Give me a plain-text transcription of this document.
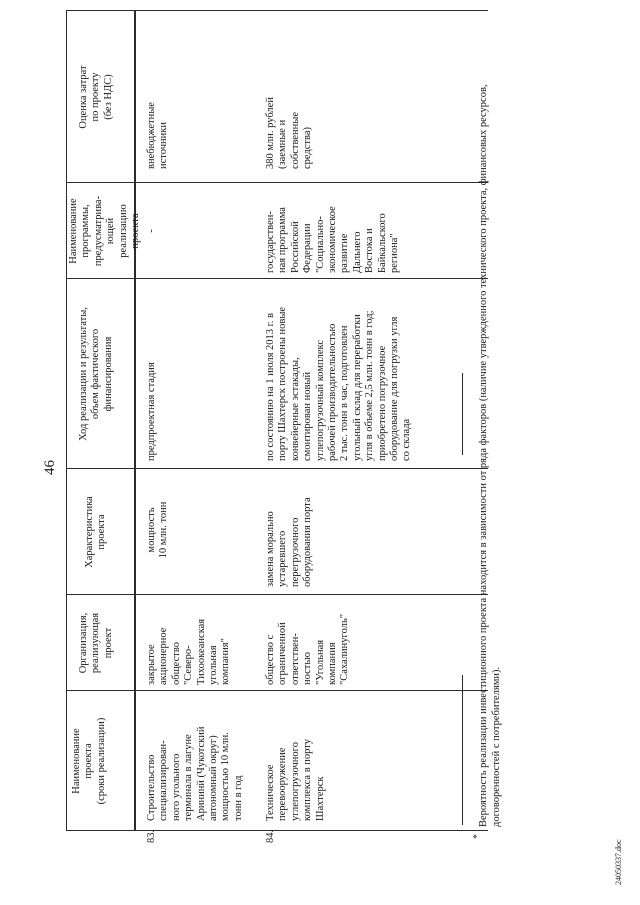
46
Наименование
проекта
(сроки реализации)
Организация,
реализующая
проект
Характеристика
проекта
Ход реализации и результаты,
объем фактического
финансирования
Наименование
программы,
предусматрива-
ющей
реализацию
проекта
Оценка затрат
по проекту
(без НДС)
83.
Строительство
специализирован-
ного угольного
терминала в лагуне
Арининй (Чукотский
автономный округ)
мощностью 10 млн.
тонн в год
закрытое
акционерное
общество
"Северо-
Тихоокеанская
угольная
компания"
мощность
10 млн. тонн
предпроектная стадия
-
внебюджетные
источники
84.
Техническое
перевооружение
углепогрузочного
комплекса в порту
Шахтерск
общество с
ограниченной
ответствен-
ностью
"Угольная
компания
"Сахалинуголь"
замена морально
устаревшего
перегрузочного
оборудования порта
по состоянию на 1 июля 2013 г. в
порту Шахтерск построены новые
конвейерные эстакады,
смонтирован новый
углепогрузочный комплекс
рабочей производительностью
2 тыс. тонн в час, подготовлен
угольный склад для переработки
угля в объеме 2,5 млн. тонн в год;
приобретено погрузочное
оборудование для погрузки угля
со склада
государствен-
ная программа
Российской
Федерации
"Социально-
экономическое
развитие
Дальнего
Востока и
Байкальского
региона"
380 млн. рублей
(заемные и
собственные
средства)
*
Вероятность реализации инвестиционного проекта находится в зависимости от ряда факторов (наличие утвержденного технического проекта, финансовых ресурсов, договоренностей с потребителями).
24050337.doc
